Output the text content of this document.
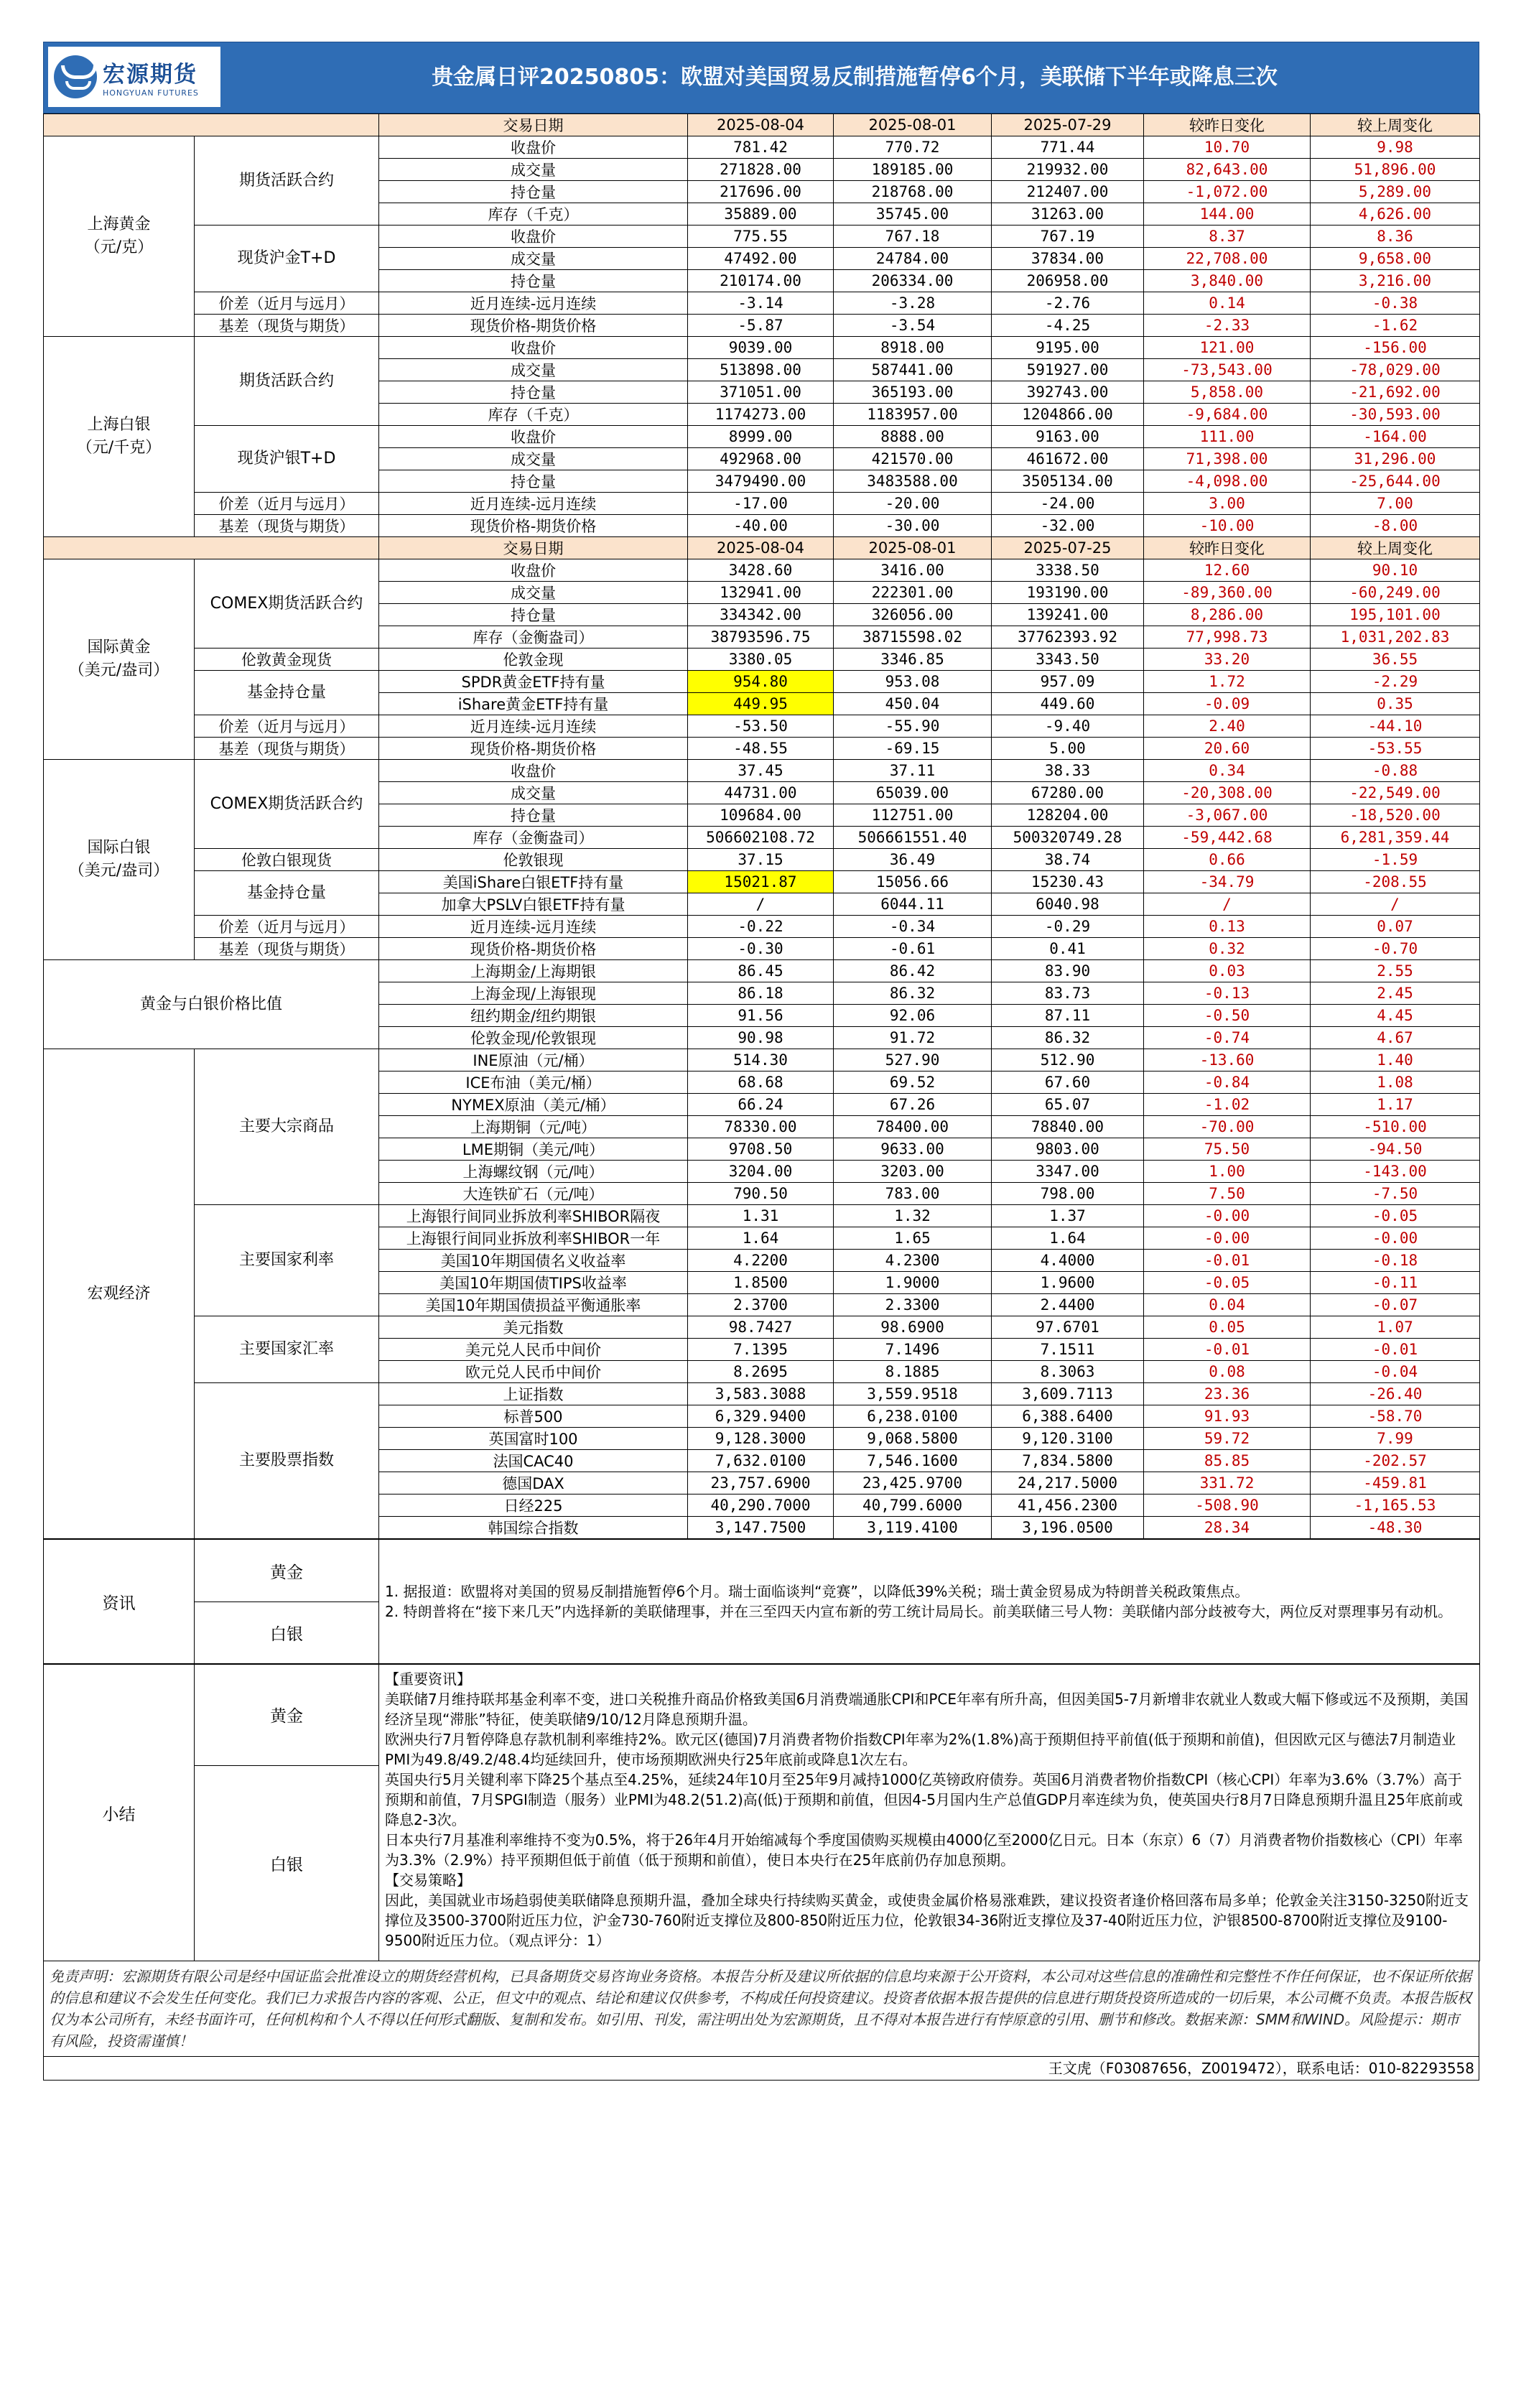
宏源期货
HONGYUAN FUTURES
贵金属日评20250805：欧盟对美国贸易反制措施暂停6个月，美联储下半年或降息三次
		交易日期	2025-08-04	2025-08-01	2025-07-29	较昨日变化	较上周变化
上海黄金
（元/克）	期货活跃合约	收盘价	781.42	770.72	771.44	10.70	9.98
		成交量	271828.00	189185.00	219932.00	82,643.00	51,896.00
		持仓量	217696.00	218768.00	212407.00	-1,072.00	5,289.00
		库存（千克）	35889.00	35745.00	31263.00	144.00	4,626.00
	现货沪金T+D	收盘价	775.55	767.18	767.19	8.37	8.36
		成交量	47492.00	24784.00	37834.00	22,708.00	9,658.00
		持仓量	210174.00	206334.00	206958.00	3,840.00	3,216.00
	价差（近月与远月）	近月连续-远月连续	-3.14	-3.28	-2.76	0.14	-0.38
	基差（现货与期货）	现货价格-期货价格	-5.87	-3.54	-4.25	-2.33	-1.62
上海白银
（元/千克）	期货活跃合约	收盘价	9039.00	8918.00	9195.00	121.00	-156.00
		成交量	513898.00	587441.00	591927.00	-73,543.00	-78,029.00
		持仓量	371051.00	365193.00	392743.00	5,858.00	-21,692.00
		库存（千克）	1174273.00	1183957.00	1204866.00	-9,684.00	-30,593.00
	现货沪银T+D	收盘价	8999.00	8888.00	9163.00	111.00	-164.00
		成交量	492968.00	421570.00	461672.00	71,398.00	31,296.00
		持仓量	3479490.00	3483588.00	3505134.00	-4,098.00	-25,644.00
	价差（近月与远月）	近月连续-远月连续	-17.00	-20.00	-24.00	3.00	7.00
	基差（现货与期货）	现货价格-期货价格	-40.00	-30.00	-32.00	-10.00	-8.00
		交易日期	2025-08-04	2025-08-01	2025-07-25	较昨日变化	较上周变化
国际黄金
（美元/盎司）	COMEX期货活跃合约	收盘价	3428.60	3416.00	3338.50	12.60	90.10
		成交量	132941.00	222301.00	193190.00	-89,360.00	-60,249.00
		持仓量	334342.00	326056.00	139241.00	8,286.00	195,101.00
		库存（金衡盎司）	38793596.75	38715598.02	37762393.92	77,998.73	1,031,202.83
	伦敦黄金现货	伦敦金现	3380.05	3346.85	3343.50	33.20	36.55
	基金持仓量	SPDR黄金ETF持有量	954.80	953.08	957.09	1.72	-2.29
		iShare黄金ETF持有量	449.95	450.04	449.60	-0.09	0.35
	价差（近月与远月）	近月连续-远月连续	-53.50	-55.90	-9.40	2.40	-44.10
	基差（现货与期货）	现货价格-期货价格	-48.55	-69.15	5.00	20.60	-53.55
国际白银
（美元/盎司）	COMEX期货活跃合约	收盘价	37.45	37.11	38.33	0.34	-0.88
		成交量	44731.00	65039.00	67280.00	-20,308.00	-22,549.00
		持仓量	109684.00	112751.00	128204.00	-3,067.00	-18,520.00
		库存（金衡盎司）	506602108.72	506661551.40	500320749.28	-59,442.68	6,281,359.44
	伦敦白银现货	伦敦银现	37.15	36.49	38.74	0.66	-1.59
	基金持仓量	美国iShare白银ETF持有量	15021.87	15056.66	15230.43	-34.79	-208.55
		加拿大PSLV白银ETF持有量	/	6044.11	6040.98	/	/
	价差（近月与远月）	近月连续-远月连续	-0.22	-0.34	-0.29	0.13	0.07
	基差（现货与期货）	现货价格-期货价格	-0.30	-0.61	0.41	0.32	-0.70
黄金与白银价格比值		上海期金/上海期银	86.45	86.42	83.90	0.03	2.55
		上海金现/上海银现	86.18	86.32	83.73	-0.13	2.45
		纽约期金/纽约期银	91.56	92.06	87.11	-0.50	4.45
		伦敦金现/伦敦银现	90.98	91.72	86.32	-0.74	4.67
宏观经济	主要大宗商品	INE原油（元/桶）	514.30	527.90	512.90	-13.60	1.40
		ICE布油（美元/桶）	68.68	69.52	67.60	-0.84	1.08
		NYMEX原油（美元/桶）	66.24	67.26	65.07	-1.02	1.17
		上海期铜（元/吨）	78330.00	78400.00	78840.00	-70.00	-510.00
		LME期铜（美元/吨）	9708.50	9633.00	9803.00	75.50	-94.50
		上海螺纹钢（元/吨）	3204.00	3203.00	3347.00	1.00	-143.00
		大连铁矿石（元/吨）	790.50	783.00	798.00	7.50	-7.50
	主要国家利率	上海银行间同业拆放利率SHIBOR隔夜	1.31	1.32	1.37	-0.00	-0.05
		上海银行间同业拆放利率SHIBOR一年	1.64	1.65	1.64	-0.00	-0.00
		美国10年期国债名义收益率	4.2200	4.2300	4.4000	-0.01	-0.18
		美国10年期国债TIPS收益率	1.8500	1.9000	1.9600	-0.05	-0.11
		美国10年期国债损益平衡通胀率	2.3700	2.3300	2.4400	0.04	-0.07
	主要国家汇率	美元指数	98.7427	98.6900	97.6701	0.05	1.07
		美元兑人民币中间价	7.1395	7.1496	7.1511	-0.01	-0.01
		欧元兑人民币中间价	8.2695	8.1885	8.3063	0.08	-0.04
	主要股票指数	上证指数	3,583.3088	3,559.9518	3,609.7113	23.36	-26.40
		标普500	6,329.9400	6,238.0100	6,388.6400	91.93	-58.70
		英国富时100	9,128.3000	9,068.5800	9,120.3100	59.72	7.99
		法国CAC40	7,632.0100	7,546.1600	7,834.5800	85.85	-202.57
		德国DAX	23,757.6900	23,425.9700	24,217.5000	331.72	-459.81
		日经225	40,290.7000	40,799.6000	41,456.2300	-508.90	-1,165.53
		韩国综合指数	3,147.7500	3,119.4100	3,196.0500	28.34	-48.30
资讯	黄金	
1. 据报道：欧盟将对美国的贸易反制措施暂停6个月。瑞士面临谈判“竞赛”，以降低39%关税；瑞士黄金贸易成为特朗普关税政策焦点。
2. 特朗普将在“接下来几天”内选择新的美联储理事，并在三至四天内宣布新的劳工统计局局长。前美联储三号人物：美联储内部分歧被夸大，两位反对票理事另有动机。

白银
小结	黄金	
【重要资讯】
美联储7月维持联邦基金利率不变，进口关税推升商品价格致美国6月消费端通胀CPI和PCE年率有所升高，但因美国5-7月新增非农就业人数或大幅下修或远不及预期，美国经济呈现“滞胀”特征，使美联储9/10/12月降息预期升温。
欧洲央行7月暂停降息存款机制利率维持2%。欧元区(德国)7月消费者物价指数CPI年率为2%(1.8%)高于预期但持平前值(低于预期和前值)，但因欧元区与德法7月制造业PMI为49.8/49.2/48.4均延续回升，使市场预期欧洲央行25年底前或降息1次左右。
英国央行5月关键利率下降25个基点至4.25%，延续24年10月至25年9月减持1000亿英镑政府债券。英国6月消费者物价指数CPI（核心CPI）年率为3.6%（3.7%）高于预期和前值，7月SPGI制造（服务）业PMI为48.2(51.2)高(低)于预期和前值，但因4-5月国内生产总值GDP月率连续为负，使英国央行8月7日降息预期升温且25年底前或降息2-3次。
日本央行7月基准利率维持不变为0.5%，将于26年4月开始缩减每个季度国债购买规模由4000亿至2000亿日元。日本（东京）6（7）月消费者物价指数核心（CPI）年率为3.3%（2.9%）持平预期但低于前值（低于预期和前值），使日本央行在25年底前仍存加息预期。
【交易策略】
因此，美国就业市场趋弱使美联储降息预期升温，叠加全球央行持续购买黄金，或使贵金属价格易涨难跌，建议投资者逢价格回落布局多单；伦敦金关注3150-3250附近支撑位及3500-3700附近压力位，沪金730-760附近支撑位及800-850附近压力位，伦敦银34-36附近支撑位及37-40附近压力位，沪银8500-8700附近支撑位及9100-9500附近压力位。（观点评分：1）

白银
免责声明：宏源期货有限公司是经中国证监会批准设立的期货经营机构，已具备期货交易咨询业务资格。本报告分析及建议所依据的信息均来源于公开资料，本公司对这些信息的准确性和完整性不作任何保证，也不保证所依据的信息和建议不会发生任何变化。我们已力求报告内容的客观、公正，但文中的观点、结论和建议仅供参考，不构成任何投资建议。投资者依据本报告提供的信息进行期货投资所造成的一切后果，本公司概不负责。本报告版权仅为本公司所有，未经书面许可，任何机构和个人不得以任何形式翻版、复制和发布。如引用、刊发，需注明出处为宏源期货，且不得对本报告进行有悖原意的引用、删节和修改。数据来源：SMM和WIND。风险提示：期市有风险，投资需谨慎！
王文虎（F03087656，Z0019472），联系电话：010-82293558
